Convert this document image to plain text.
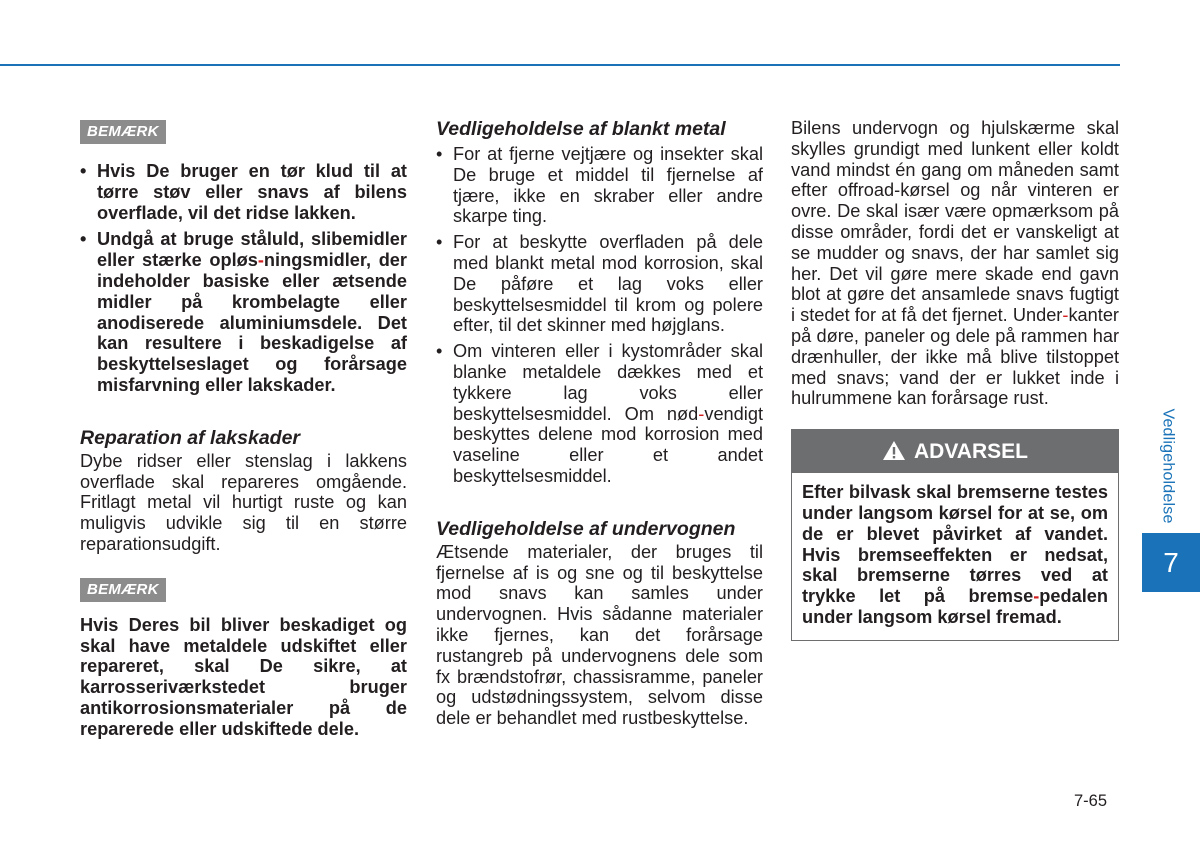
BEMÆRK
• Hvis De bruger en tør klud til at tørre støv eller snavs af bilens overflade, vil det ridse lakken.
• Undgå at bruge ståluld, slibemidler eller stærke opløs-ningsmidler, der indeholder basiske eller ætsende midler på krombelagte eller anodiserede aluminiumsdele. Det kan resultere i beskadigelse af beskyttelseslaget og forårsage misfarvning eller lakskader.

Reparation af lakskader

Dybe ridser eller stenslag i lakkens overflade skal repareres omgående. Fritlagt metal vil hurtigt ruste og kan muligvis udvikle sig til en større reparationsudgift.
BEMÆRK
Hvis Deres bil bliver beskadiget og skal have metaldele udskiftet eller repareret, skal De sikre, at karrosseriværkstedet bruger antikorrosionsmaterialer på de reparerede eller udskiftede dele.

Vedligeholdelse af blankt metal

• For at fjerne vejtjære og insekter skal De bruge et middel til fjernelse af tjære, ikke en skraber eller andre skarpe ting.
• For at beskytte overfladen på dele med blankt metal mod korrosion, skal De påføre et lag voks eller beskyttelsesmiddel til krom og polere efter, til det skinner med højglans.
• Om vinteren eller i kystområder skal blanke metaldele dækkes med et tykkere lag voks eller beskyttelsesmiddel. Om nød-vendigt beskyttes delene mod korrosion med vaseline eller et andet beskyttelsesmiddel.

Vedligeholdelse af undervognen

Ætsende materialer, der bruges til fjernelse af is og sne og til beskyttelse mod snavs kan samles under undervognen. Hvis sådanne materialer ikke fjernes, kan det forårsage rustangreb på undervognens dele som fx brændstofrør, chassisramme, paneler og udstødningssystem, selvom disse dele er behandlet med rustbeskyttelse.
Bilens undervogn og hjulskærme skal skylles grundigt med lunkent eller koldt vand mindst én gang om måneden samt efter offroad-kørsel og når vinteren er ovre. De skal især være opmærksom på disse områder, fordi det er vanskeligt at se mudder og snavs, der har samlet sig her. Det vil gøre mere skade end gavn blot at gøre det ansamlede snavs fugtigt i stedet for at få det fjernet. Under-kanter på døre, paneler og dele på rammen har drænhuller, der ikke må blive tilstoppet med snavs; vand der er lukket inde i hulrummene kan forårsage rust.
ADVARSEL
Efter bilvask skal bremserne testes under langsom kørsel for at se, om de er blevet påvirket af vandet. Hvis bremseeffekten er nedsat, skal bremserne tørres ved at trykke let på bremse-pedalen under langsom kørsel fremad.
Vedligeholdelse
7
7-65
